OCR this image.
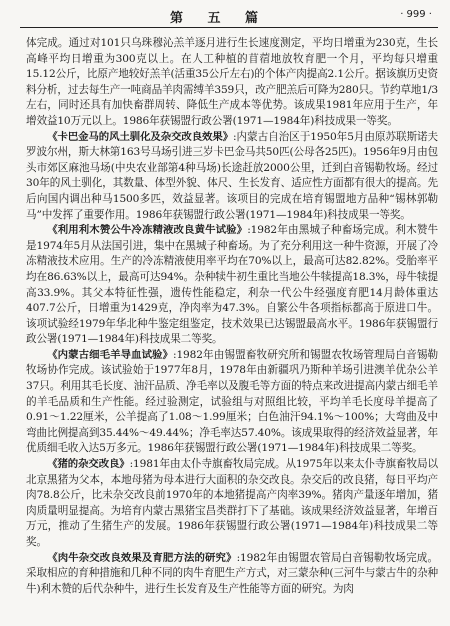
第 五 篇	· 999 ·

体完成。通过对101只乌珠穆沁羔羊逐月进行生长速度测定，平均日增重为230克，生长高峰平均日增重为300克以上。在人工种植的苜蓿地放牧育肥一个月，平均每只增重15.12公斤，比原产地较好羔羊(活重35公斤左右)的个体产肉提高2.1公斤。据该旗历史资料分析，过去每生产一吨商品羊肉需缚羊359只，改产肥羔后可降为280只。节约草地1/3左右，同时还具有加快畜群周转、降低生产成本等优势。该成果1981年应用于生产，年增效益10万元以上。1986年获锡盟行政公署(1971—1984年)科技成果一等奖。

《卡巴金马的风土驯化及杂交改良效果》:内蒙古自治区于1950年5月由原苏联斯诺夫罗波尔州，斯大林第163号马场引进三岁卡巴金马共50匹(公母各25匹)。1956年9月由包头市郊区麻池马场(中央农业部第4种马场)长途赶放2000公里，迁到白音锡勒牧场。经过30年的风土驯化，其数量、体型外貌、体尺、生长发育、适应性方面都有很大的提高。先后向国内调出种马1500多匹，效益显著。该项目的完成在培育锡盟地方品种“锡林郭勒马”中发挥了重要作用。1986年获锡盟行政公署(1971—1984年)科技成果一等奖。

《利用利木赞公牛冷冻精液改良黄牛试验》:1982年由黑城子种畜场完成。利木赞牛是1974年5月从法国引进，集中在黑城子种畜场。为了充分利用这一种牛资源，开展了冷冻精液技术应用。生产的冷冻精液使用率平均在70%以上，最高可达82.82%。受胎率平均在86.63%以上，最高可达94%。杂种犊牛初生重比当地公牛犊提高18.3%，母牛犊提高33.9%。其父本特征性强，遗传性能稳定，利杂一代公牛经强度育肥14月龄体重达407.7公斤，日增重为1429克，净肉率为47.3%。自繁公牛各项指标都高于原进口牛。该项试验经1979年华北种牛鉴定组鉴定，技术效果已达锡盟最高水平。1986年获锡盟行政公署(1971—1984年)科技成果二等奖。

《内蒙古细毛羊导血试验》:1982年由锡盟畜牧研究所和锡盟农牧场管理局白音锡勒牧场协作完成。该试验始于1977年8月，1978年由新疆巩乃斯种羊场引进澳羊优杂公羊37只。利用其毛长度、油汗品质、净毛率以及腹毛等方面的特点来改进提高内蒙古细毛羊的羊毛品质和生产性能。经过验测定，试验组与对照组比较，平均羊毛长度母羊提高了0.91～1.22厘米，公羊提高了1.08～1.99厘米；白色油汗94.1%～100%；大弯曲及中弯曲比例提高到35.44%～49.44%；净毛率达57.40%。该成果取得的经济效益显著，年优质细毛收入达5万多元。1986年获锡盟行政公署(1971—1984年)科技成果二等奖。

《猪的杂交改良》:1981年由太仆寺旗畜牧局完成。从1975年以来太仆寺旗畜牧局以北京黑猪为父本，本地母猪为母本进行大面积的杂交改良。杂交后的改良猪，每日平均产肉78.8公斤，比未杂交改良前1970年的本地猪提高产肉率39%。猪肉产量逐年增加，猪肉质量明显提高。为培育内蒙古黑猪宝昌类群打下了基础。该成果经济效益显著，年增百万元，推动了生猪生产的发展。1986年获锡盟行政公署(1971—1984年)科技成果二等奖。

《肉牛杂交改良效果及育肥方法的研究》:1982年由锡盟农管局白音锡勒牧场完成。采取相应的育种措施和几种不同的肉牛育肥生产方式，对三蒙杂种(三河牛与蒙古牛的杂种牛)利木赞的后代杂种牛，进行生长发育及生产性能等方面的研究。为肉
